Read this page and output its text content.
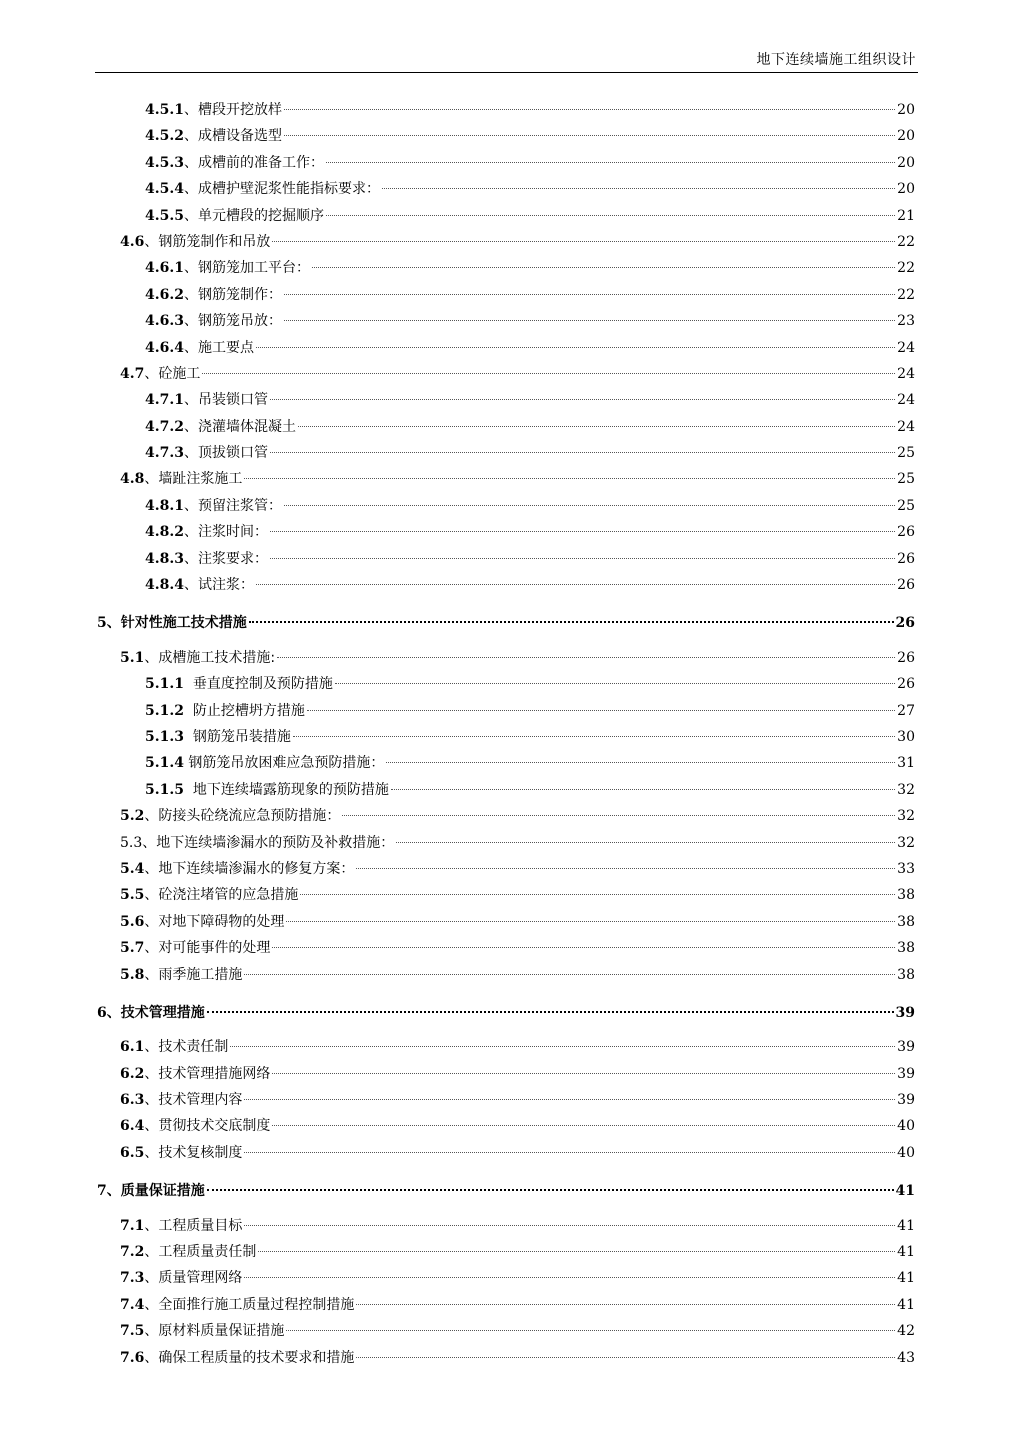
地下连续墙施工组织设计
4.5.1 、槽段开挖放样	20
4.5.2 、成槽设备选型	20
4.5.3 、成槽前的准备工作：	20
4.5.4 、成槽护壁泥浆性能指标要求：	20
4.5.5 、单元槽段的挖掘顺序	21
4.6 、钢筋笼制作和吊放	22
4.6.1 、钢筋笼加工平台：	22
4.6.2 、钢筋笼制作：	22
4.6.3 、钢筋笼吊放：	23
4.6.4 、施工要点	24
4.7 、砼施工	24
4.7.1 、吊装锁口管	24
4.7.2 、浇灌墙体混凝土	24
4.7.3 、顶拔锁口管	25
4.8 、墙趾注浆施工	25
4.8.1 、预留注浆管：	25
4.8.2 、注浆时间：	26
4.8.3 、注浆要求：	26
4.8.4 、试注浆：	26
5 、针对性施工技术措施	26
5.1 、成槽施工技术措施:	26
5.1.1 垂直度控制及预防措施	26
5.1.2 防止挖槽坍方措施	27
5.1.3 钢筋笼吊装措施	30
5.1.4 钢筋笼吊放困难应急预防措施：	31
5.1.5 地下连续墙露筋现象的预防措施	32
5.2 、防接头砼绕流应急预防措施：	32
5.3 、地下连续墙渗漏水的预防及补救措施：	32
5.4 、地下连续墙渗漏水的修复方案：	33
5.5 、砼浇注堵管的应急措施	38
5.6 、对地下障碍物的处理	38
5.7 、对可能事件的处理	38
5.8 、雨季施工措施	38
6 、技术管理措施	39
6.1 、技术责任制	39
6.2 、技术管理措施网络	39
6.3 、技术管理内容	39
6.4 、贯彻技术交底制度	40
6.5 、技术复核制度	40
7 、质量保证措施	41
7.1 、工程质量目标	41
7.2 、工程质量责任制	41
7.3 、质量管理网络	41
7.4 、全面推行施工质量过程控制措施	41
7.5 、原材料质量保证措施	42
7.6 、确保工程质量的技术要求和措施	43
